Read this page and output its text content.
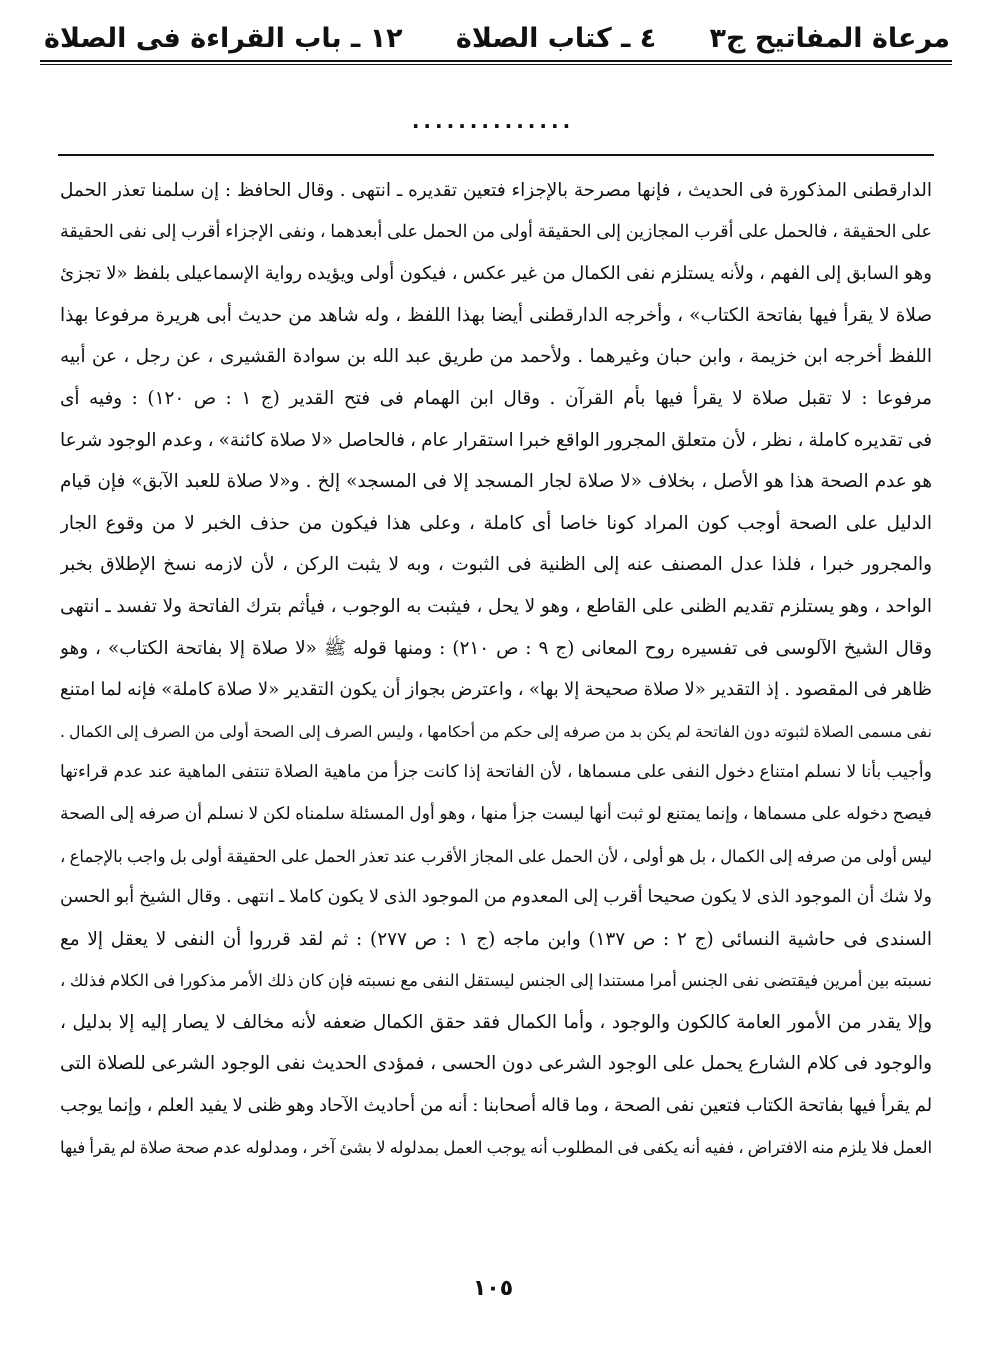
مرعاة المفاتيح ج٣
٤ ـ كتاب الصلاة
١٢ ـ باب القراءة فى الصلاة
..............
الدارقطنى المذكورة فى الحديث ، فإنها مصرحة بالإجزاء فتعين تقديره ـ انتهى . وقال الحافظ : إن سلمنا تعذر الحمل
على الحقيقة ، فالحمل على أقرب المجازين إلى الحقيقة أولى من الحمل على أبعدهما ، ونفى الإجزاء أقرب إلى نفى الحقيقة
وهو السابق إلى الفهم ، ولأنه يستلزم نفى الكمال من غير عكس ، فيكون أولى ويؤيده رواية الإسماعيلى بلفظ «لا تجزئ
صلاة لا يقرأ فيها بفاتحة الكتاب» ، وأخرجه الدارقطنى أيضا بهذا اللفظ ، وله شاهد من حديث أبى هريرة مرفوعا بهذا
اللفظ أخرجه ابن خزيمة ، وابن حبان وغيرهما . ولأحمد من طريق عبد الله بن سوادة القشيرى ، عن رجل ، عن أبيه
مرفوعا : لا تقبل صلاة لا يقرأ فيها بأم القرآن . وقال ابن الهمام فى فتح القدير (ج ١ : ص ١٢٠) : وفيه أى
فى تقديره كاملة ، نظر ، لأن متعلق المجرور الواقع خبرا استقرار عام ، فالحاصل «لا صلاة كائنة» ، وعدم الوجود شرعا
هو عدم الصحة هذا هو الأصل ، بخلاف «لا صلاة لجار المسجد إلا فى المسجد» إلخ . و«لا صلاة للعبد الآبق» فإن قيام
الدليل على الصحة أوجب كون المراد كونا خاصا أى كاملة ، وعلى هذا فيكون من حذف الخبر لا من وقوع الجار
والمجرور خبرا ، فلذا عدل المصنف عنه إلى الظنية فى الثبوت ، وبه لا يثبت الركن ، لأن لازمه نسخ الإطلاق بخبر
الواحد ، وهو يستلزم تقديم الظنى على القاطع ، وهو لا يحل ، فيثبت به الوجوب ، فيأثم بترك الفاتحة ولا تفسد ـ انتهى
وقال الشيخ الآلوسى فى تفسيره روح المعانى (ج ٩ : ص ٢١٠) : ومنها قوله ﷺ «لا صلاة إلا بفاتحة الكتاب» ، وهو
ظاهر فى المقصود . إذ التقدير «لا صلاة صحيحة إلا بها» ، واعترض بجواز أن يكون التقدير «لا صلاة كاملة» فإنه لما امتنع
نفى مسمى الصلاة لثبوته دون الفاتحة لم يكن بد من صرفه إلى حكم من أحكامها ، وليس الصرف إلى الصحة أولى من الصرف إلى الكمال .
وأجيب بأنا لا نسلم امتناع دخول النفى على مسماها ، لأن الفاتحة إذا كانت جزأ من ماهية الصلاة تنتفى الماهية عند عدم قراءتها
فيصح دخوله على مسماها ، وإنما يمتنع لو ثبت أنها ليست جزأ منها ، وهو أول المسئلة سلمناه لكن لا نسلم أن صرفه إلى الصحة
ليس أولى من صرفه إلى الكمال ، بل هو أولى ، لأن الحمل على المجاز الأقرب عند تعذر الحمل على الحقيقة أولى بل واجب بالإجماع ،
ولا شك أن الموجود الذى لا يكون صحيحا أقرب إلى المعدوم من الموجود الذى لا يكون كاملا ـ انتهى . وقال الشيخ أبو الحسن
السندى فى حاشية النسائى (ج ٢ : ص ١٣٧) وابن ماجه (ج ١ : ص ٢٧٧) : ثم لقد قرروا أن النفى لا يعقل إلا مع
نسبته بين أمرين فيقتضى نفى الجنس أمرا مستندا إلى الجنس ليستقل النفى مع نسبته فإن كان ذلك الأمر مذكورا فى الكلام فذلك ،
وإلا يقدر من الأمور العامة كالكون والوجود ، وأما الكمال فقد حقق الكمال ضعفه لأنه مخالف لا يصار إليه إلا بدليل ،
والوجود فى كلام الشارع يحمل على الوجود الشرعى دون الحسى ، فمؤدى الحديث نفى الوجود الشرعى للصلاة التى
لم يقرأ فيها بفاتحة الكتاب فتعين نفى الصحة ، وما قاله أصحابنا : أنه من أحاديث الآحاد وهو ظنى لا يفيد العلم ، وإنما يوجب
العمل فلا يلزم منه الافتراض ، ففيه أنه يكفى فى المطلوب أنه يوجب العمل بمدلوله لا بشئ آخر ، ومدلوله عدم صحة صلاة لم يقرأ فيها
١٠٥
